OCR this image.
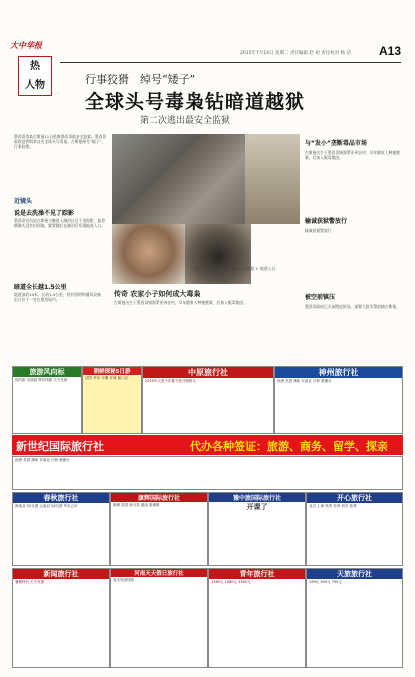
大中华报
热
人物
2015年7月14日 星期二 责任编辑 赵 初 责任校对 杨 洁 A13
行事狡猾　绰号“矮子”
全球头号毒枭钻暗道越狱
第二次逃出最安全监狱
墨西哥毒枭古斯曼11日逃离墨西哥最安全监狱。墨西哥政府悬赏缉拿这名全球头号毒枭。古斯曼绰号“矮子”，行事狡猾。
近镜头
说是去洗澡不见了踪影
墨西哥官员说古斯曼当晚进入淋浴区后不见踪影，监控摄像头没有拍到他。狱警随后在淋浴区发现地道入口。
暗道全长越1.5公里
地道深约10米，长约1.5公里，装有照明和通风设备，出口位于一处在建房屋内。
1. 墨西哥官员检查越狱地道 2. 古斯曼 3. 地道入口
传奇 农家小子如何成大毒枭
古斯曼出生于墨西哥锡那罗亚州农村，早年随家人种植罂粟，后加入贩毒集团。
与“发小”垄断毒品市场
古斯曼出生于墨西哥锡那罗亚州农村，早年随家人种植罂粟，后加入贩毒集团。
输诚获狱警放行
输诚获狱警放行
被空前镇压
墨西哥政府已关闭附近机场，部署大批军警追捕古斯曼。
旅游风向标
国内游 出境游 特价线路 天天发团
朝鲜探秘5日游
沈阳 丹东 平壤 开城 板门店
中原旅行社
2015年大型少年夏令营开始报名
神州旅行社
欧洲 美国 澳新 东南亚 日韩 港澳台
新世纪国际旅行社	代办各种签证：旅游、商务、留学、探亲
欧洲 美国 澳新 东南亚 日韩 港澳台
春秋旅行社
海南双飞5日游 云南双飞6日游 华东五市
康辉国际旅行社
港澳 泰国 新马泰 越南 柬埔寨
豫中旅国际旅行社
开课了
开心旅行社
北京 上海 杭州 苏州 西安 桂林
新闻旅行社
暑期特价 天天发团
河南天天假日旅行社
周末发团线路
青年旅行社
1380元 1080元 3380元
天旅旅行社
199元 399元 799元
